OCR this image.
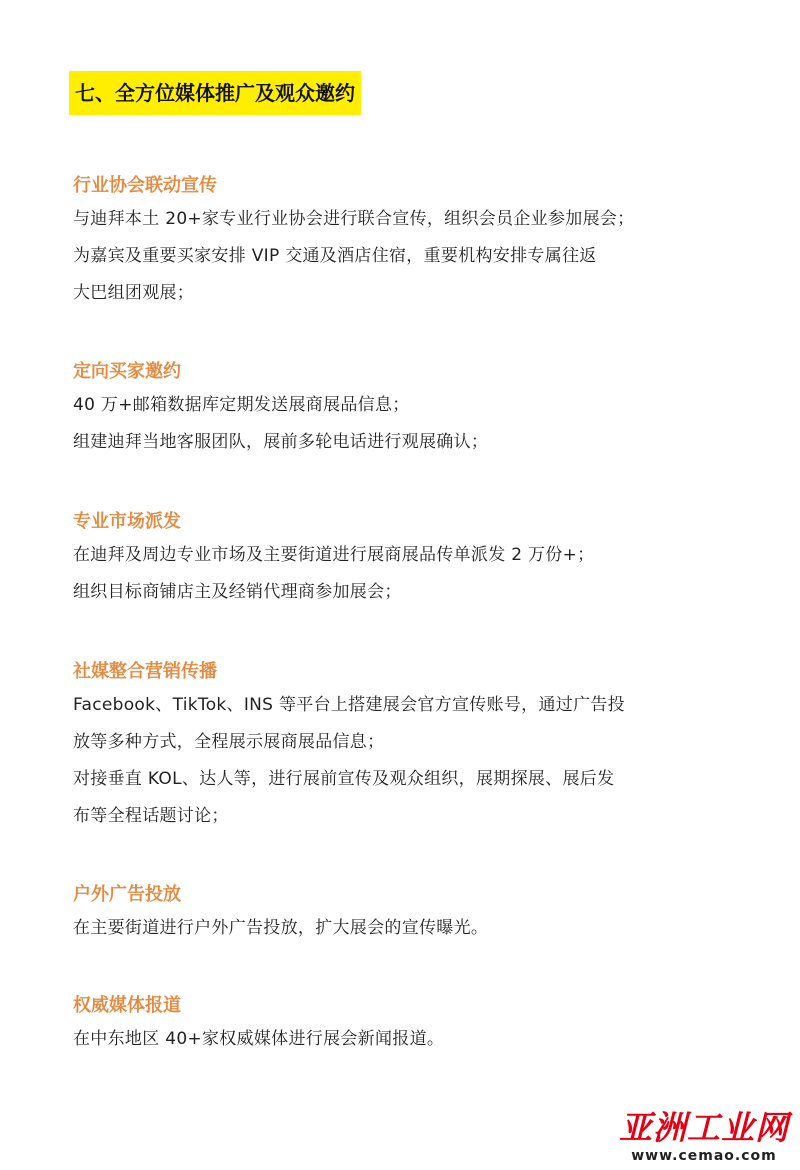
七、全方位媒体推广及观众邀约
行业协会联动宣传
与迪拜本土 20+家专业行业协会进行联合宣传，组织会员企业参加展会；
为嘉宾及重要买家安排 VIP 交通及酒店住宿，重要机构安排专属往返
大巴组团观展；
定向买家邀约
40 万+邮箱数据库定期发送展商展品信息；
组建迪拜当地客服团队，展前多轮电话进行观展确认；
专业市场派发
在迪拜及周边专业市场及主要街道进行展商展品传单派发 2 万份+；
组织目标商铺店主及经销代理商参加展会；
社媒整合营销传播
Facebook、TikTok、INS 等平台上搭建展会官方宣传账号，通过广告投
放等多种方式，全程展示展商展品信息；
对接垂直 KOL、达人等，进行展前宣传及观众组织，展期探展、展后发
布等全程话题讨论；
户外广告投放
在主要街道进行户外广告投放，扩大展会的宣传曝光。
权威媒体报道
在中东地区 40+家权威媒体进行展会新闻报道。
亚洲工业网
www.cemao.com
